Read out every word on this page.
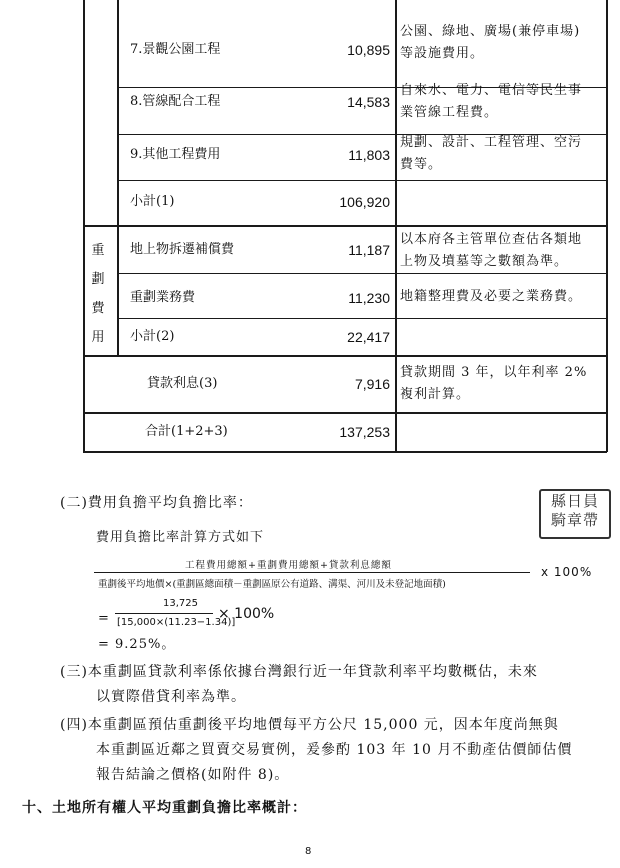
7.景觀公園工程	10,895
公園、綠地、廣場(兼停車場)
等設施費用。
8.管線配合工程	14,583
自來水、電力、電信等民生事
業管線工程費。
9.其他工程費用	11,803
規劃、設計、工程管理、空污
費等。
小計(1)	106,920
重
劃
費
用
地上物拆遷補償費	11,187
以本府各主管單位查估各類地
上物及墳墓等之數額為準。
重劃業務費	11,230 地籍整理費及必要之業務費。
小計(2)	22,417
貸款利息(3)	7,916
貸款期間 3 年，以年利率 2%
複利計算。
合計(1+2+3)	137,253
(二)費用負擔平均負擔比率：
費用負擔比率計算方式如下
縣日員
騎章帶
工程費用總額+重劃費用總額+貸款利息總額
重劃後平均地價×(重劃區總面積－重劃區原公有道路、溝渠、河川及未登記地面積)
x 100%
=
13,725
[15,000×(11.23−1.34)]
× 100%
= 9.25%。
(三)本重劃區貸款利率係依據台灣銀行近一年貸款利率平均數概估，未來
以實際借貸利率為準。
(四)本重劃區預估重劃後平均地價每平方公尺 15,000 元，因本年度尚無與
本重劃區近鄰之買賣交易實例，爰參酌 103 年 10 月不動產估價師估價
報告結論之價格(如附件 8)。
十、土地所有權人平均重劃負擔比率概計：
8
